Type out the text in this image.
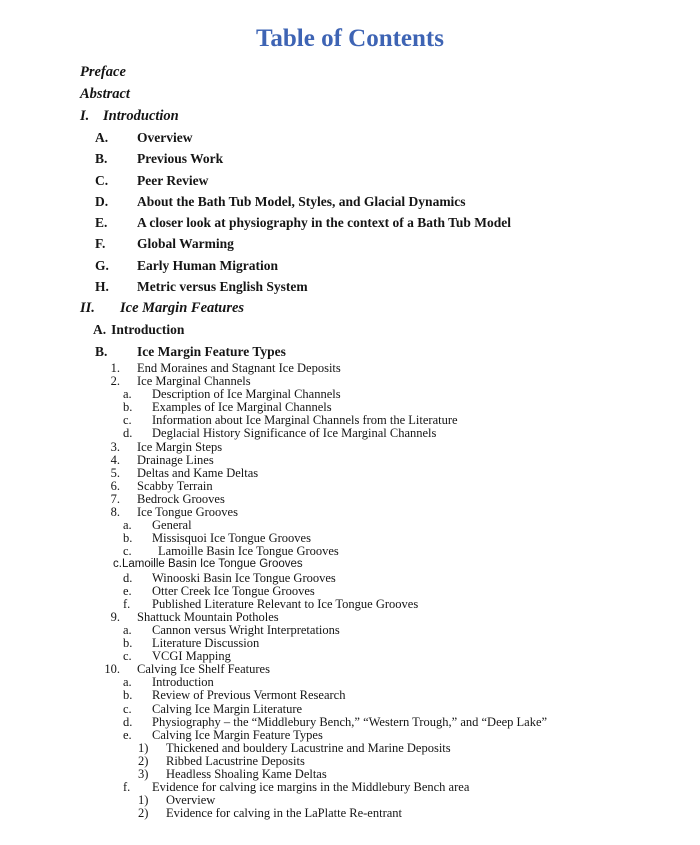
Table of Contents
Preface
Abstract
I. Introduction
A. Overview
B. Previous Work
C. Peer Review
D. About the Bath Tub Model, Styles, and Glacial Dynamics
E. A closer look at physiography in the context of a Bath Tub Model
F. Global Warming
G. Early Human Migration
H. Metric versus English System
II. Ice Margin Features
A. Introduction
B. Ice Margin Feature Types
1. End Moraines and Stagnant Ice Deposits
2. Ice Marginal Channels
a. Description of Ice Marginal Channels
b. Examples of Ice Marginal Channels
c. Information about Ice Marginal Channels from the Literature
d. Deglacial History Significance of Ice Marginal Channels
3. Ice Margin Steps
4. Drainage Lines
5. Deltas and Kame Deltas
6. Scabby Terrain
7. Bedrock Grooves
8. Ice Tongue Grooves
a. General
b. Missisquoi Ice Tongue Grooves
c. Lamoille Basin Ice Tongue Grooves
c.Lamoille Basin Ice Tongue Grooves
d. Winooski Basin Ice Tongue Grooves
e. Otter Creek Ice Tongue Grooves
f. Published Literature Relevant to Ice Tongue Grooves
9. Shattuck Mountain Potholes
a. Cannon versus Wright Interpretations
b. Literature Discussion
c. VCGI Mapping
10. Calving Ice Shelf Features
a. Introduction
b. Review of Previous Vermont Research
c. Calving Ice Margin Literature
d. Physiography – the “Middlebury Bench,” “Western Trough,” and “Deep Lake”
e. Calving Ice Margin Feature Types
1) Thickened and bouldery Lacustrine and Marine Deposits
2) Ribbed Lacustrine Deposits
3) Headless Shoaling Kame Deltas
f. Evidence for calving ice margins in the Middlebury Bench area
1) Overview
2) Evidence for calving in the LaPlatte Re-entrant
